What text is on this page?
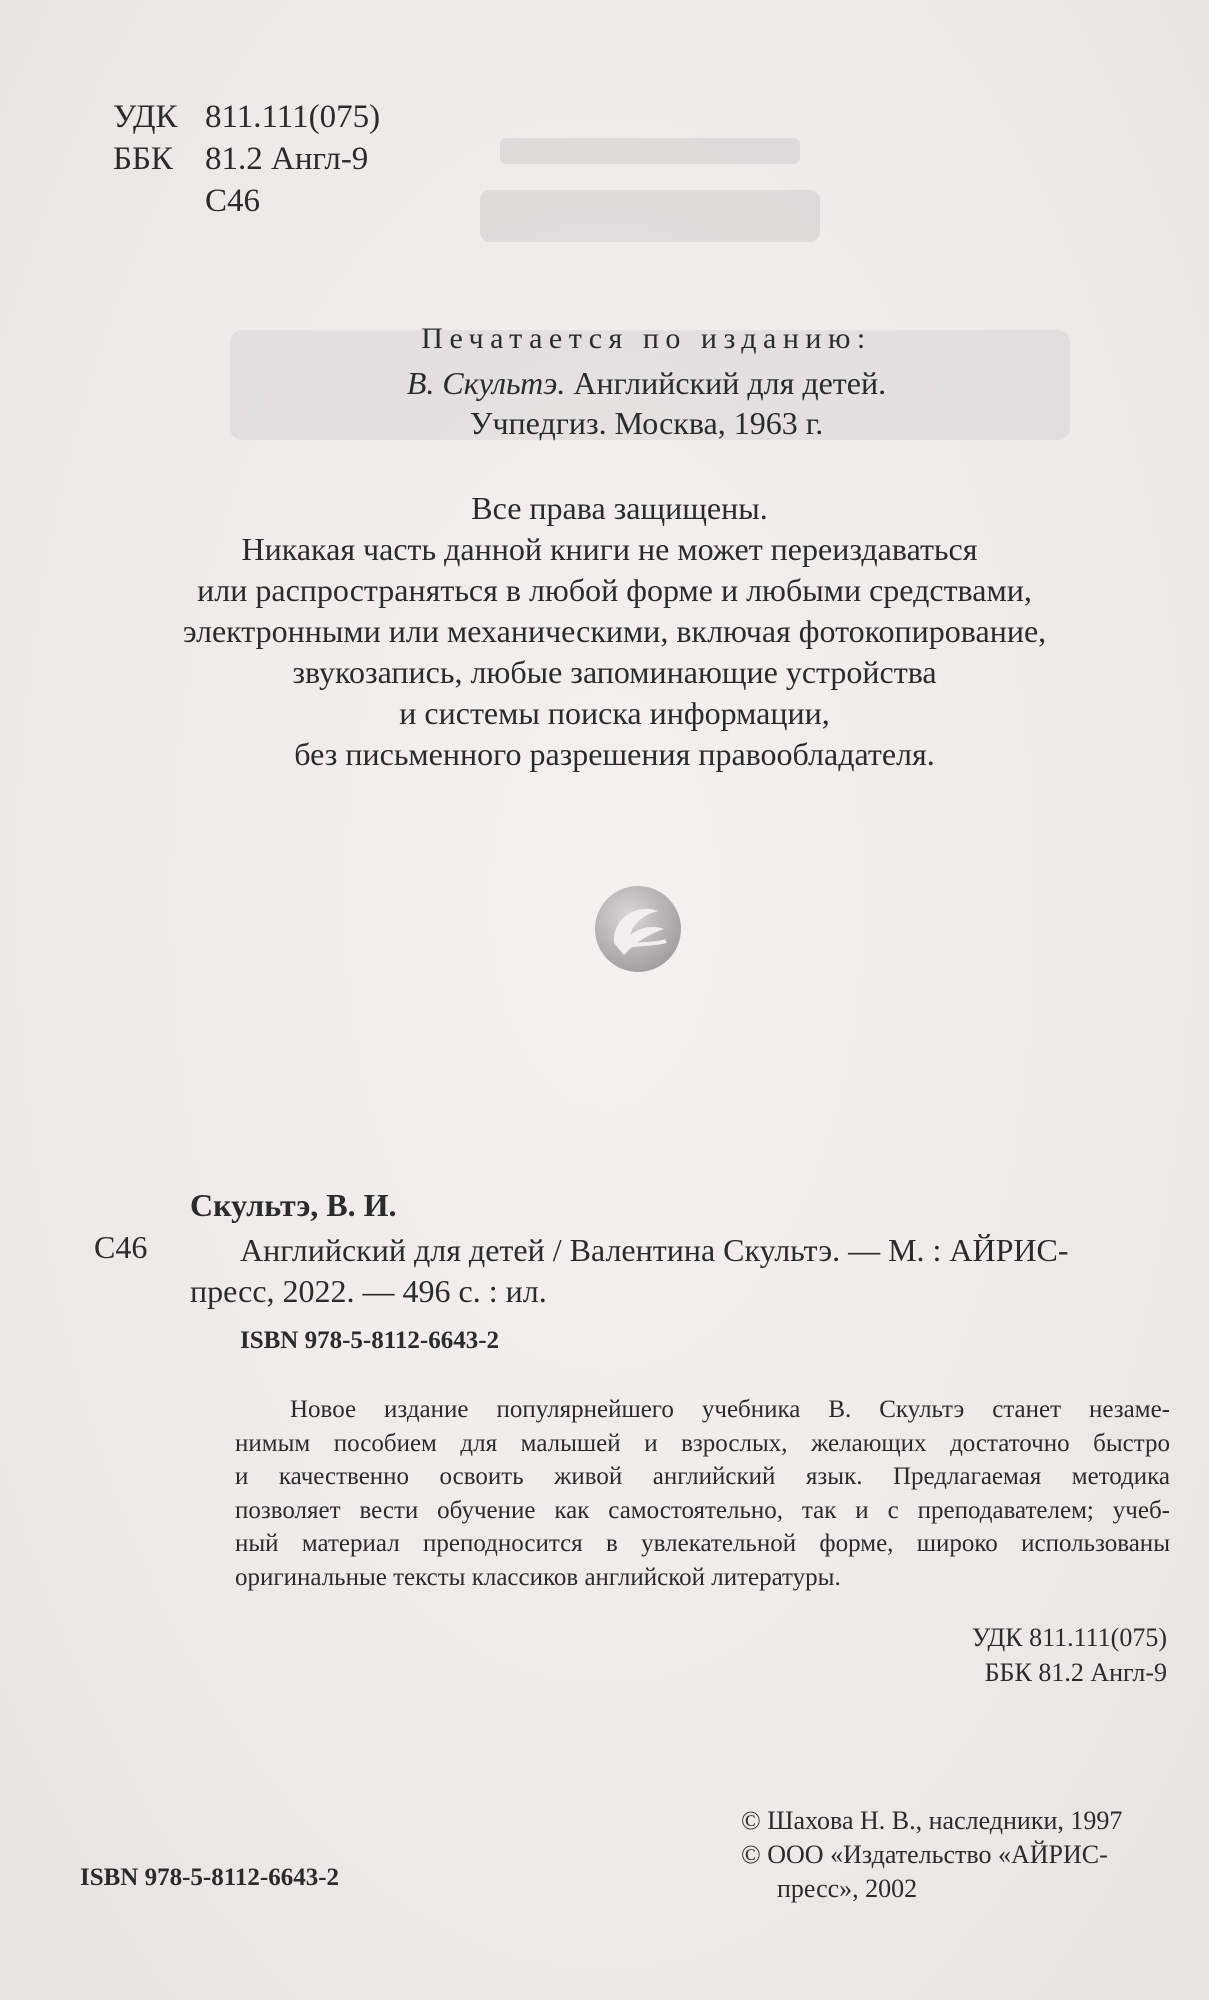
УДК 811.111(075)
ББК 81.2 Англ-9
С46
Печатается по изданию:
В. Скультэ. Английский для детей.
Учпедгиз. Москва, 1963 г.
Все права защищены.
Никакая часть данной книги не может переиздаваться
или распространяться в любой форме и любыми средствами,
электронными или механическими, включая фотокопирование,
звукозапись, любые запоминающие устройства
и системы поиска информации,
без письменного разрешения правообладателя.
Скультэ, В. И.
С46	Английский для детей / Валентина Скультэ. — М. : АЙРИС-
пресс, 2022. — 496 с. : ил.
ISBN 978-5-8112-6643-2
Новое издание популярнейшего учебника В. Скультэ станет незаме-
нимым пособием для малышей и взрослых, желающих достаточно быстро
и качественно освоить живой английский язык. Предлагаемая методика
позволяет вести обучение как самостоятельно, так и с преподавателем; учеб-
ный материал преподносится в увлекательной форме, широко использованы
оригинальные тексты классиков английской литературы.
УДК 811.111(075)
ББК 81.2 Англ-9
© Шахова Н. В., наследники, 1997
© ООО «Издательство «АЙРИС-
пресс», 2002
ISBN 978-5-8112-6643-2
